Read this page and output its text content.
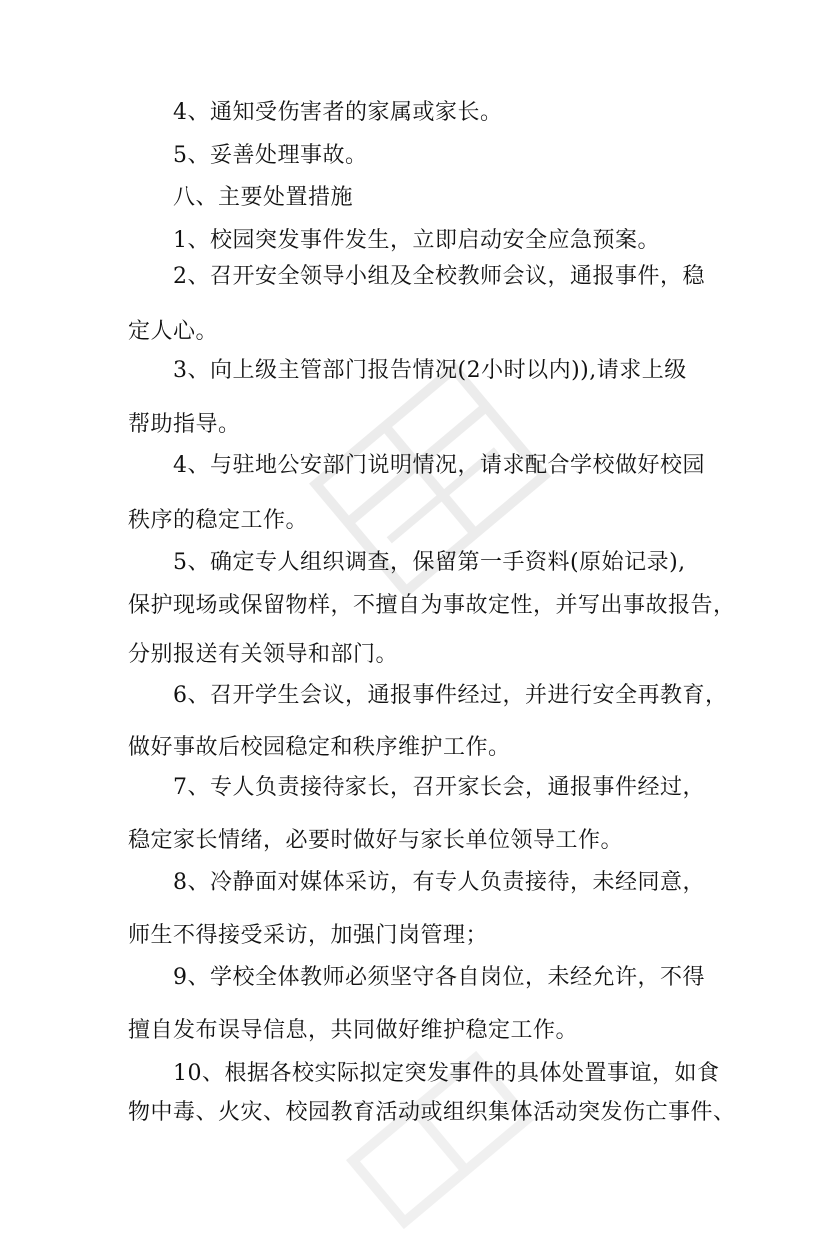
4、通知受伤害者的家属或家长。
5、妥善处理事故。
八、主要处置措施
1、校园突发事件发生，立即启动安全应急预案。
2、召开安全领导小组及全校教师会议，通报事件，稳
定人心。
3、向上级主管部门报告情况(2小时以内)),请求上级
帮助指导。
4、与驻地公安部门说明情况，请求配合学校做好校园
秩序的稳定工作。
5、确定专人组织调查，保留第一手资料(原始记录),
保护现场或保留物样，不擅自为事故定性，并写出事故报告，
分别报送有关领导和部门。
6、召开学生会议，通报事件经过，并进行安全再教育，
做好事故后校园稳定和秩序维护工作。
7、专人负责接待家长，召开家长会，通报事件经过，
稳定家长情绪，必要时做好与家长单位领导工作。
8、冷静面对媒体采访，有专人负责接待，未经同意，
师生不得接受采访，加强门岗管理；
9、学校全体教师必须坚守各自岗位，未经允许，不得
擅自发布误导信息，共同做好维护稳定工作。
10、根据各校实际拟定突发事件的具体处置事谊，如食
物中毒、火灾、校园教育活动或组织集体活动突发伤亡事件、
